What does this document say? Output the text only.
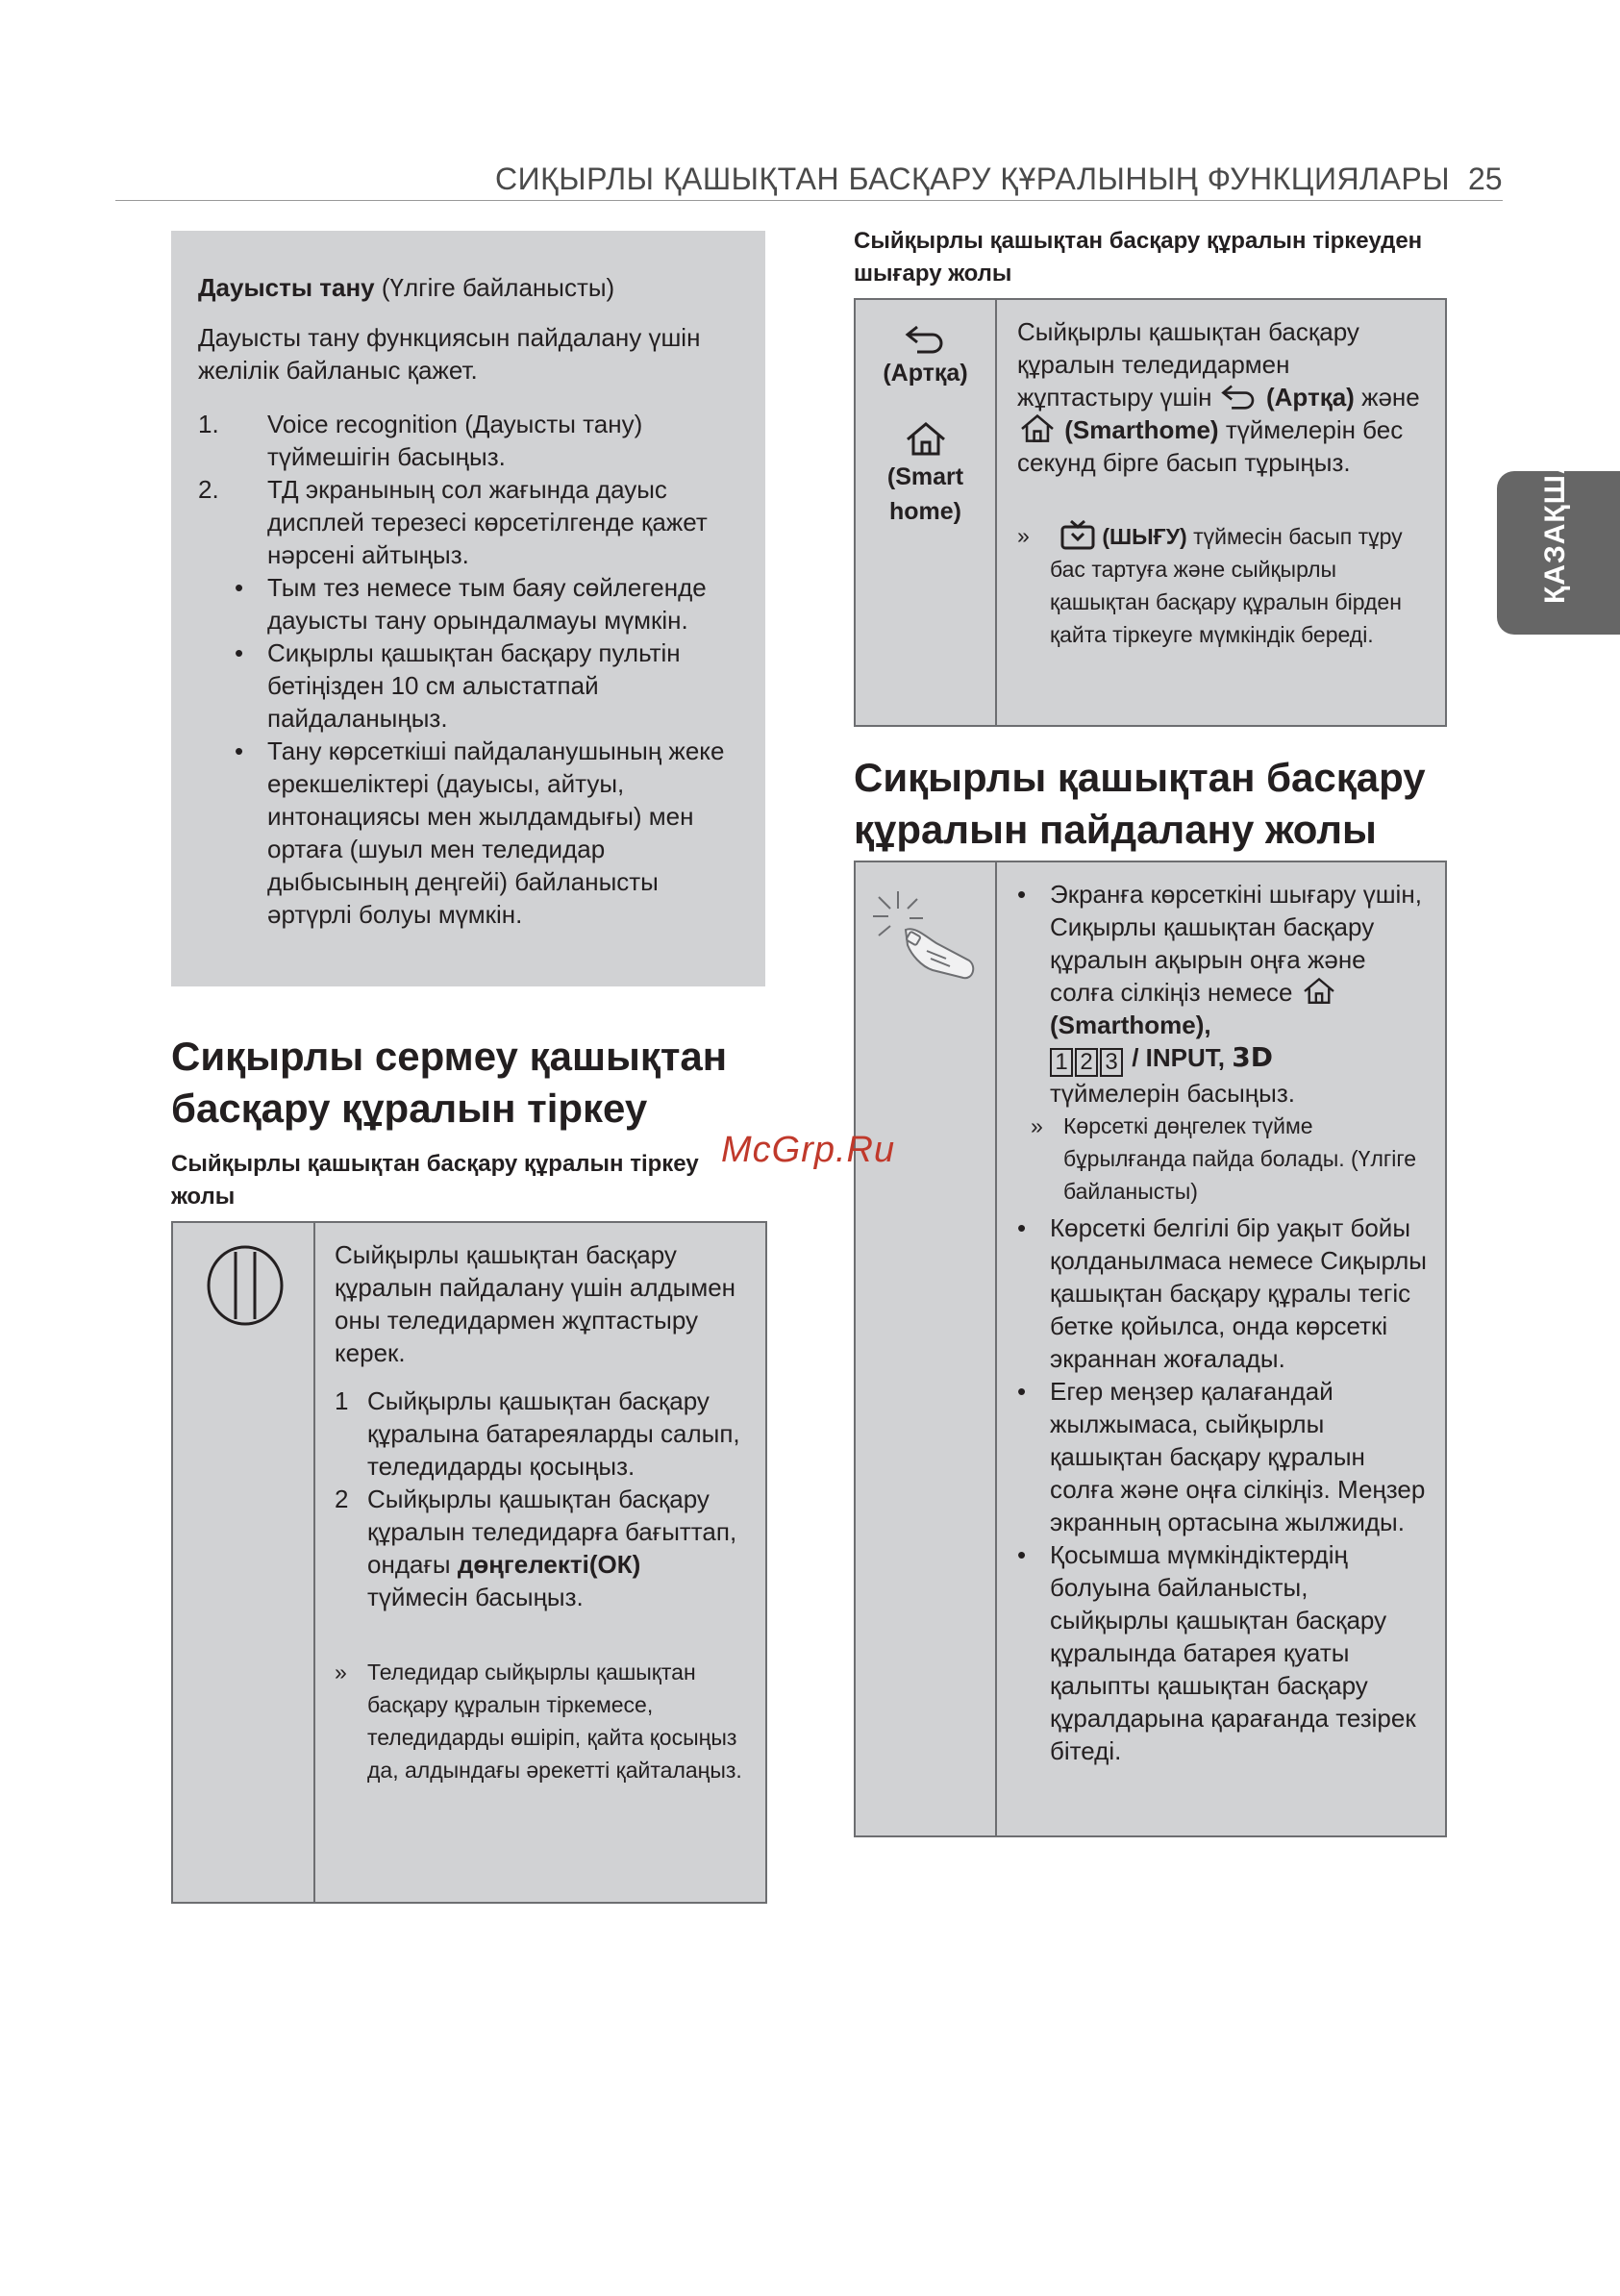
СИҚЫРЛЫ ҚАШЫҚТАН БАСҚАРУ ҚҰРАЛЫНЫҢ ФУНКЦИЯЛАРЫ 25
ҚАЗАҚША

Дауысты тану (Үлгіге байланысты)

Дауысты тану функциясын пайдалану үшін желілік байланыс қажет.

1. Voice recognition (Дауысты тану) түймешігін басыңыз.
2. ТД экранының сол жағында дауыс дисплей терезесі көрсетілгенде қажет нәрсені айтыңыз.
• Тым тез немесе тым баяу сөйлегенде дауысты тану орындалмауы мүмкін.
• Сиқырлы қашықтан басқару пультін бетіңізден 10 см алыстатпай пайдаланыңыз.
• Тану көрсеткіші пайдаланушының жеке ерекшеліктері (дауысы, айтуы, интонациясы мен жылдамдығы) мен ортаға (шуыл мен теледидар дыбысының деңгейі) байланысты әртүрлі болуы мүмкін.
Сиқырлы сермеу қашықтан басқару құралын тіркеу
Сыйқырлы қашықтан басқару құралын тіркеу жолы
Сыйқырлы қашықтан басқару құралын пайдалану үшін алдымен оны теледидармен жұптастыру керек.
1 Сыйқырлы қашықтан басқару құралына батареяларды салып, теледидарды қосыңыз.
2 Сыйқырлы қашықтан басқару құралын теледидарға бағыттап, ондағы дөңгелекті(ОК) түймесін басыңыз.
» Теледидар сыйқырлы қашықтан басқару құралын тіркемесе, теледидарды өшіріп, қайта қосыңыз да, алдындағы әрекетті қайталаңыз.
Сыйқырлы қашықтан басқару құралын тіркеуден шығару жолы
(Артқа)
(Smart home)
Сыйқырлы қашықтан басқару құралын теледидармен жұптастыру үшін (Артқа) және  (Smarthome) түймелерін бес секунд бірге басып тұрыңыз.
»	(ШЫҒУ) түймесін басып тұру бас тартуға және сыйқырлы қашықтан басқару құралын бірден қайта тіркеуге мүмкіндік береді.
Сиқырлы қашықтан басқару құралын пайдалану жолы
• Экранға көрсеткіні шығару үшін, Сиқырлы қашықтан басқару құралын ақырын оңға және солға сілкіңіз немесе  (Smarthome),
1 2 3 / INPUT, 3D
түймелерін басыңыз.
» Көрсеткі дөңгелек түйме бұрылғанда пайда болады. (Үлгіге байланысты)
• Көрсеткі белгілі бір уақыт бойы қолданылмаса немесе Сиқырлы қашықтан басқару құралы тегіс бетке қойылса, онда көрсеткі экраннан жоғалады.
• Егер меңзер қалағандай жылжымаса, сыйқырлы қашықтан басқару құралын солға және оңға сілкіңіз. Меңзер экранның ортасына жылжиды.
• Қосымша мүмкіндіктердің болуына байланысты, сыйқырлы қашықтан басқару құралында батарея қуаты қалыпты қашықтан басқару құралдарына қарағанда тезірек бітеді.
McGrp.Ru
